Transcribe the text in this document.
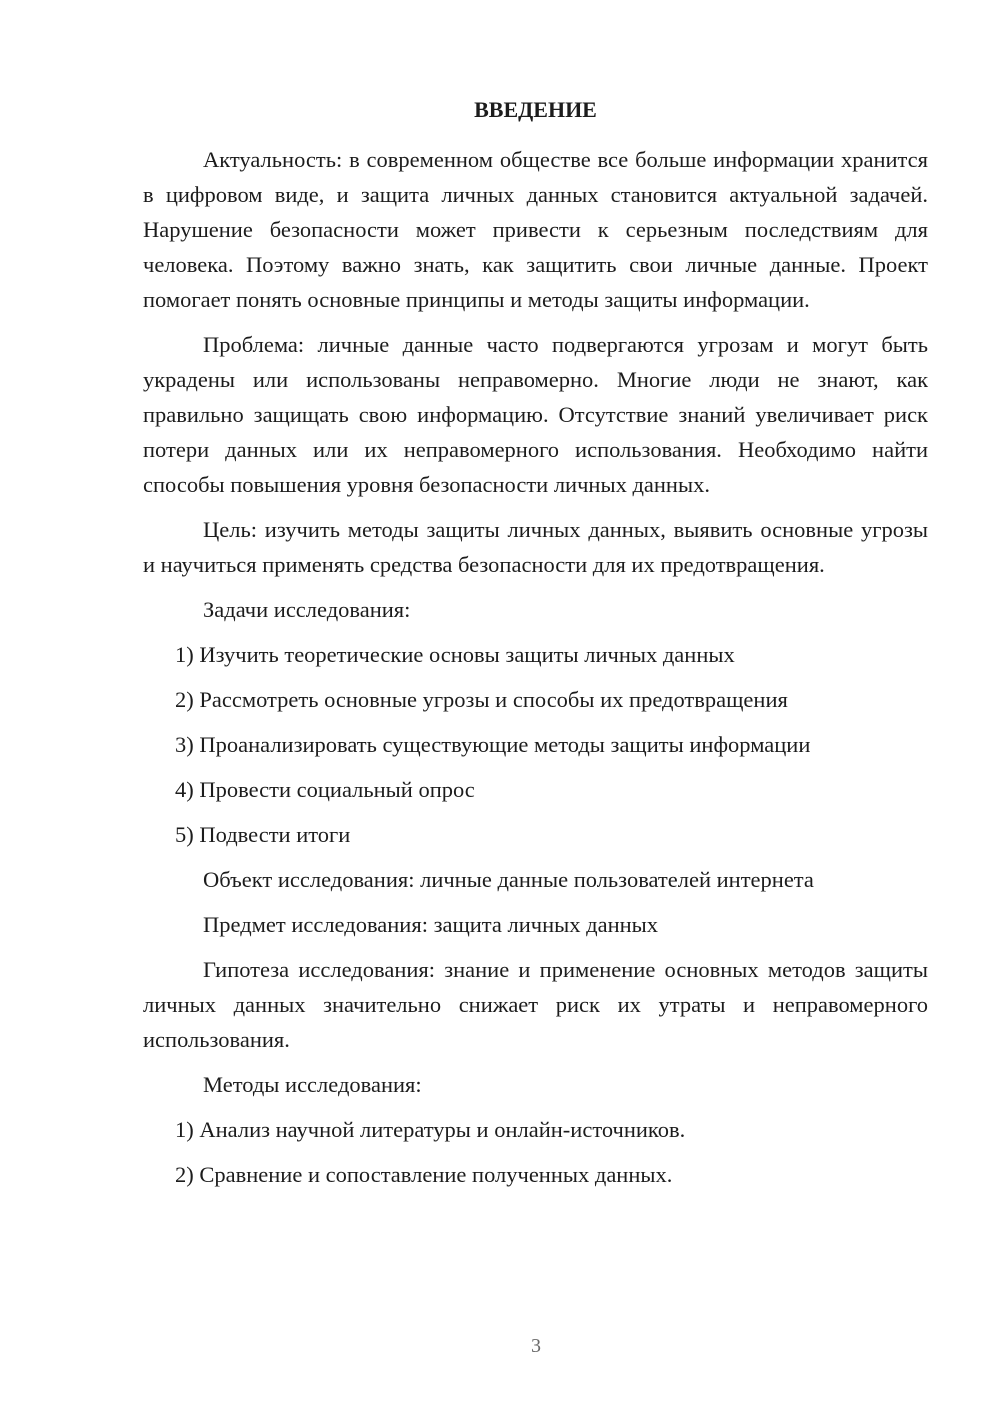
ВВЕДЕНИЕ

Актуальность: в современном обществе все больше информации хранится в цифровом виде, и защита личных данных становится актуальной задачей. Нарушение безопасности может привести к серьезным последствиям для человека. Поэтому важно знать, как защитить свои личные данные. Проект помогает понять основные принципы и методы защиты информации.

Проблема: личные данные часто подвергаются угрозам и могут быть украдены или использованы неправомерно. Многие люди не знают, как правильно защищать свою информацию. Отсутствие знаний увеличивает риск потери данных или их неправомерного использования. Необходимо найти способы повышения уровня безопасности личных данных.

Цель: изучить методы защиты личных данных, выявить основные угрозы и научиться применять средства безопасности для их предотвращения.

Задачи исследования:

1) Изучить теоретические основы защиты личных данных

2) Рассмотреть основные угрозы и способы их предотвращения

3) Проанализировать существующие методы защиты информации

4) Провести социальный опрос

5) Подвести итоги

Объект исследования: личные данные пользователей интернета

Предмет исследования: защита личных данных

Гипотеза исследования: знание и применение основных методов защиты личных данных значительно снижает риск их утраты и неправомерного использования.

Методы исследования:

1) Анализ научной литературы и онлайн-источников.

2) Сравнение и сопоставление полученных данных.

3
